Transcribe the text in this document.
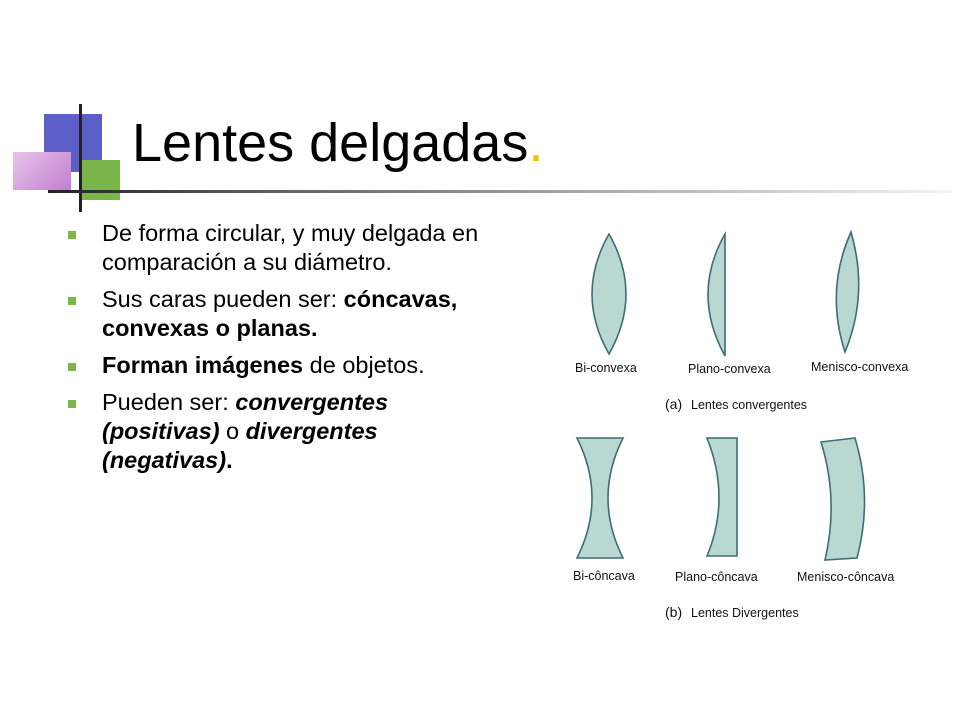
Lentes delgadas.
De forma circular, y muy delgada en comparación a su diámetro.
Sus caras pueden ser: cóncavas, convexas o planas.
Forman imágenes de objetos.
Pueden ser: convergentes (positivas) o divergentes (negativas).
Bi-convexa	Plano-convexa	Menisco-convexa
(a) Lentes convergentes
Bi-côncava	Plano-côncava	Menisco-côncava
(b) Lentes Divergentes
